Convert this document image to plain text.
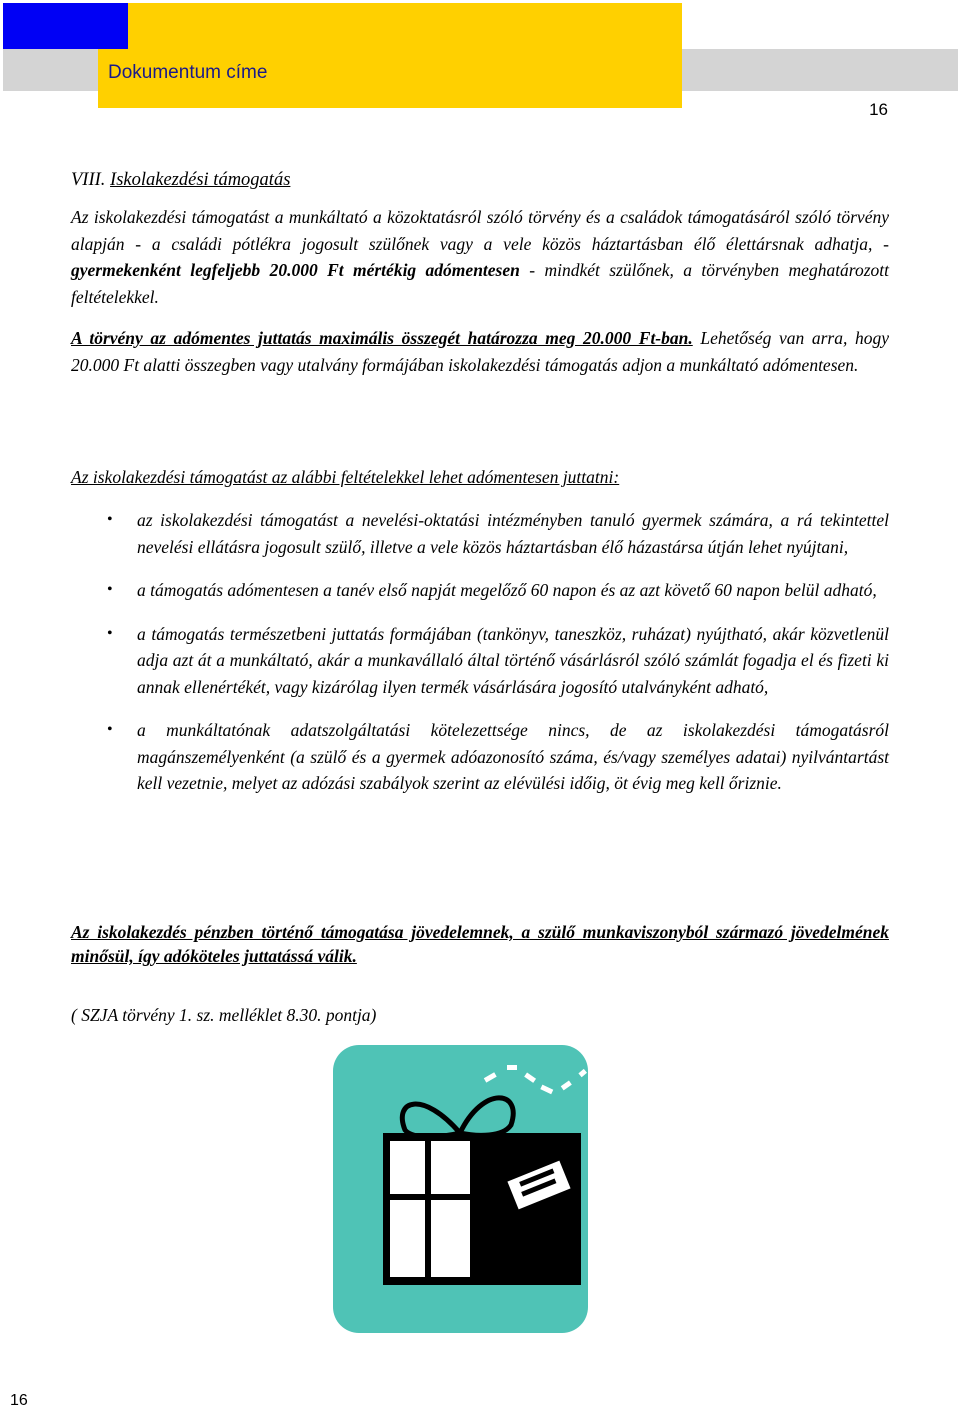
Dokumentum címe
16
VIII. Iskolakezdési támogatás

Az iskolakezdési támogatást a munkáltató a közoktatásról szóló törvény és a családok támogatásáról szóló törvény alapján - a családi pótlékra jogosult szülőnek vagy a vele közös háztartásban élő élettársnak adhatja, - gyermekenként legfeljebb 20.000 Ft mértékig adómentesen - mindkét szülőnek, a törvényben meghatározott feltételekkel.

A törvény az adómentes juttatás maximális összegét határozza meg 20.000 Ft-ban. Lehetőség van arra, hogy 20.000 Ft alatti összegben vagy utalvány formájában iskolakezdési támogatás adjon a munkáltató adómentesen.

Az iskolakezdési támogatást az alábbi feltételekkel lehet adómentesen juttatni:

• az iskolakezdési támogatást a nevelési-oktatási intézményben tanuló gyermek számára, a rá tekintettel nevelési ellátásra jogosult szülő, illetve a vele közös háztartásban élő házastársa útján lehet nyújtani,
• a támogatás adómentesen a tanév első napját megelőző 60 napon és az azt követő 60 napon belül adható,
• a támogatás természetbeni juttatás formájában (tankönyv, taneszköz, ruházat) nyújtható, akár közvetlenül adja azt át a munkáltató, akár a munkavállaló által történő vásárlásról szóló számlát fogadja el és fizeti ki annak ellenértékét, vagy kizárólag ilyen termék vásárlására jogosító utalványként adható,
• a munkáltatónak adatszolgáltatási kötelezettsége nincs, de az iskolakezdési támogatásról magánszemélyenként (a szülő és a gyermek adóazonosító száma, és/vagy személyes adatai) nyilvántartást kell vezetnie, melyet az adózási szabályok szerint az elévülési időig, öt évig meg kell őriznie.

Az iskolakezdés pénzben történő támogatása jövedelemnek, a szülő munkaviszonyból származó jövedelmének minősül, így adóköteles juttatássá válik.

( SZJA törvény 1. sz. melléklet 8.30. pontja)

16
